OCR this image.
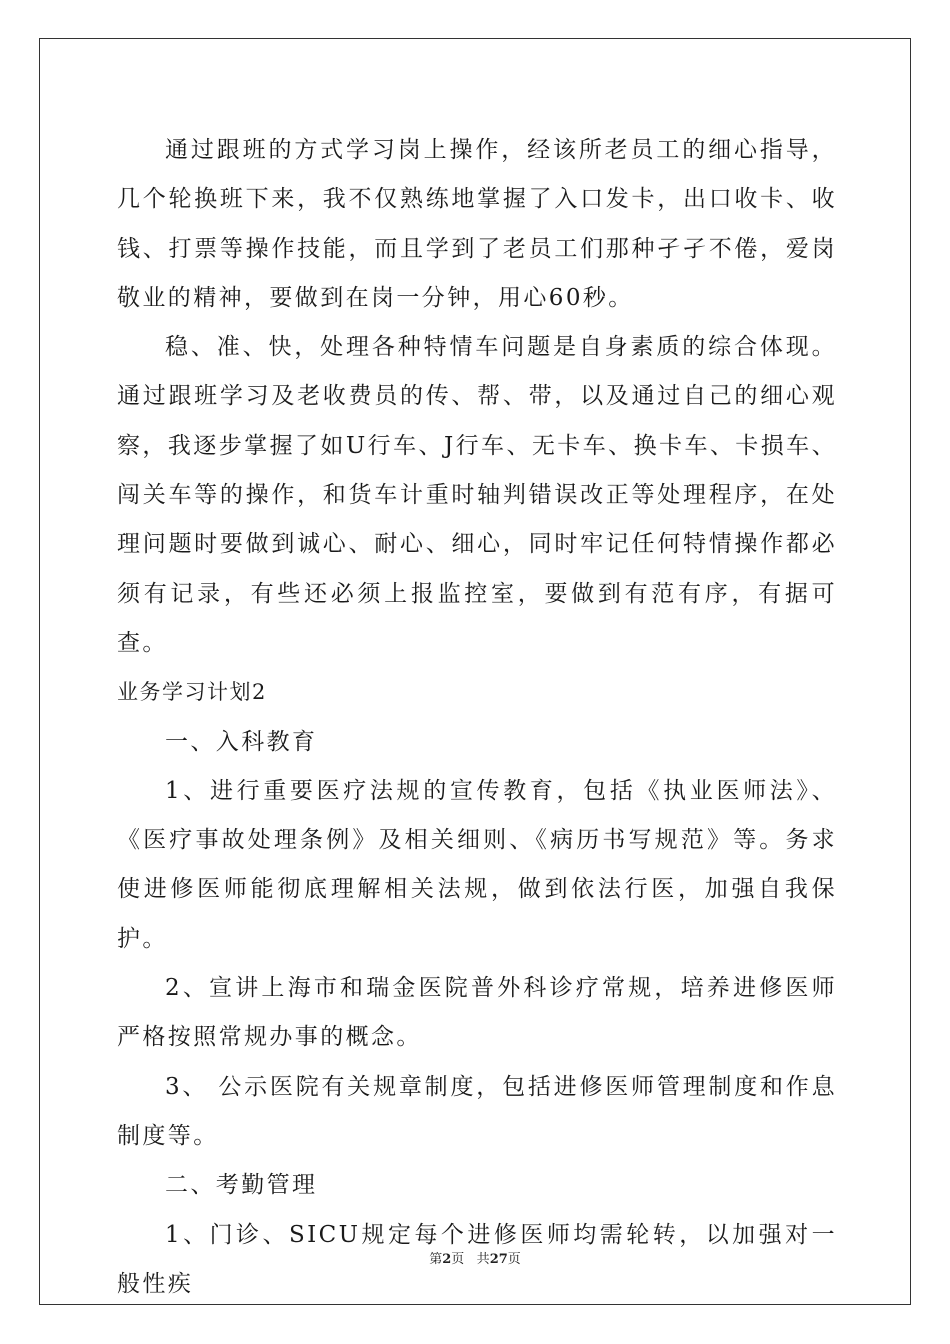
通过跟班的方式学习岗上操作，经该所老员工的细心指导，几个轮换班下来，我不仅熟练地掌握了入口发卡，出口收卡、收钱、打票等操作技能，而且学到了老员工们那种孑孑不倦，爱岗敬业的精神，要做到在岗一分钟，用心60秒。

稳、准、快，处理各种特情车问题是自身素质的综合体现。通过跟班学习及老收费员的传、帮、带，以及通过自己的细心观察，我逐步掌握了如U行车、J行车、无卡车、换卡车、卡损车、闯关车等的操作，和货车计重时轴判错误改正等处理程序，在处理问题时要做到诚心、耐心、细心，同时牢记任何特情操作都必须有记录，有些还必须上报监控室，要做到有范有序，有据可查。

业务学习计划2

一、入科教育

1、进行重要医疗法规的宣传教育，包括《执业医师法》、《医疗事故处理条例》及相关细则、《病历书写规范》等。务求使进修医师能彻底理解相关法规，做到依法行医，加强自我保护。

2、宣讲上海市和瑞金医院普外科诊疗常规，培养进修医师严格按照常规办事的概念。

3、 公示医院有关规章制度，包括进修医师管理制度和作息制度等。

二、考勤管理

1、门诊、SICU规定每个进修医师均需轮转，以加强对一般性疾

第2页 共27页
